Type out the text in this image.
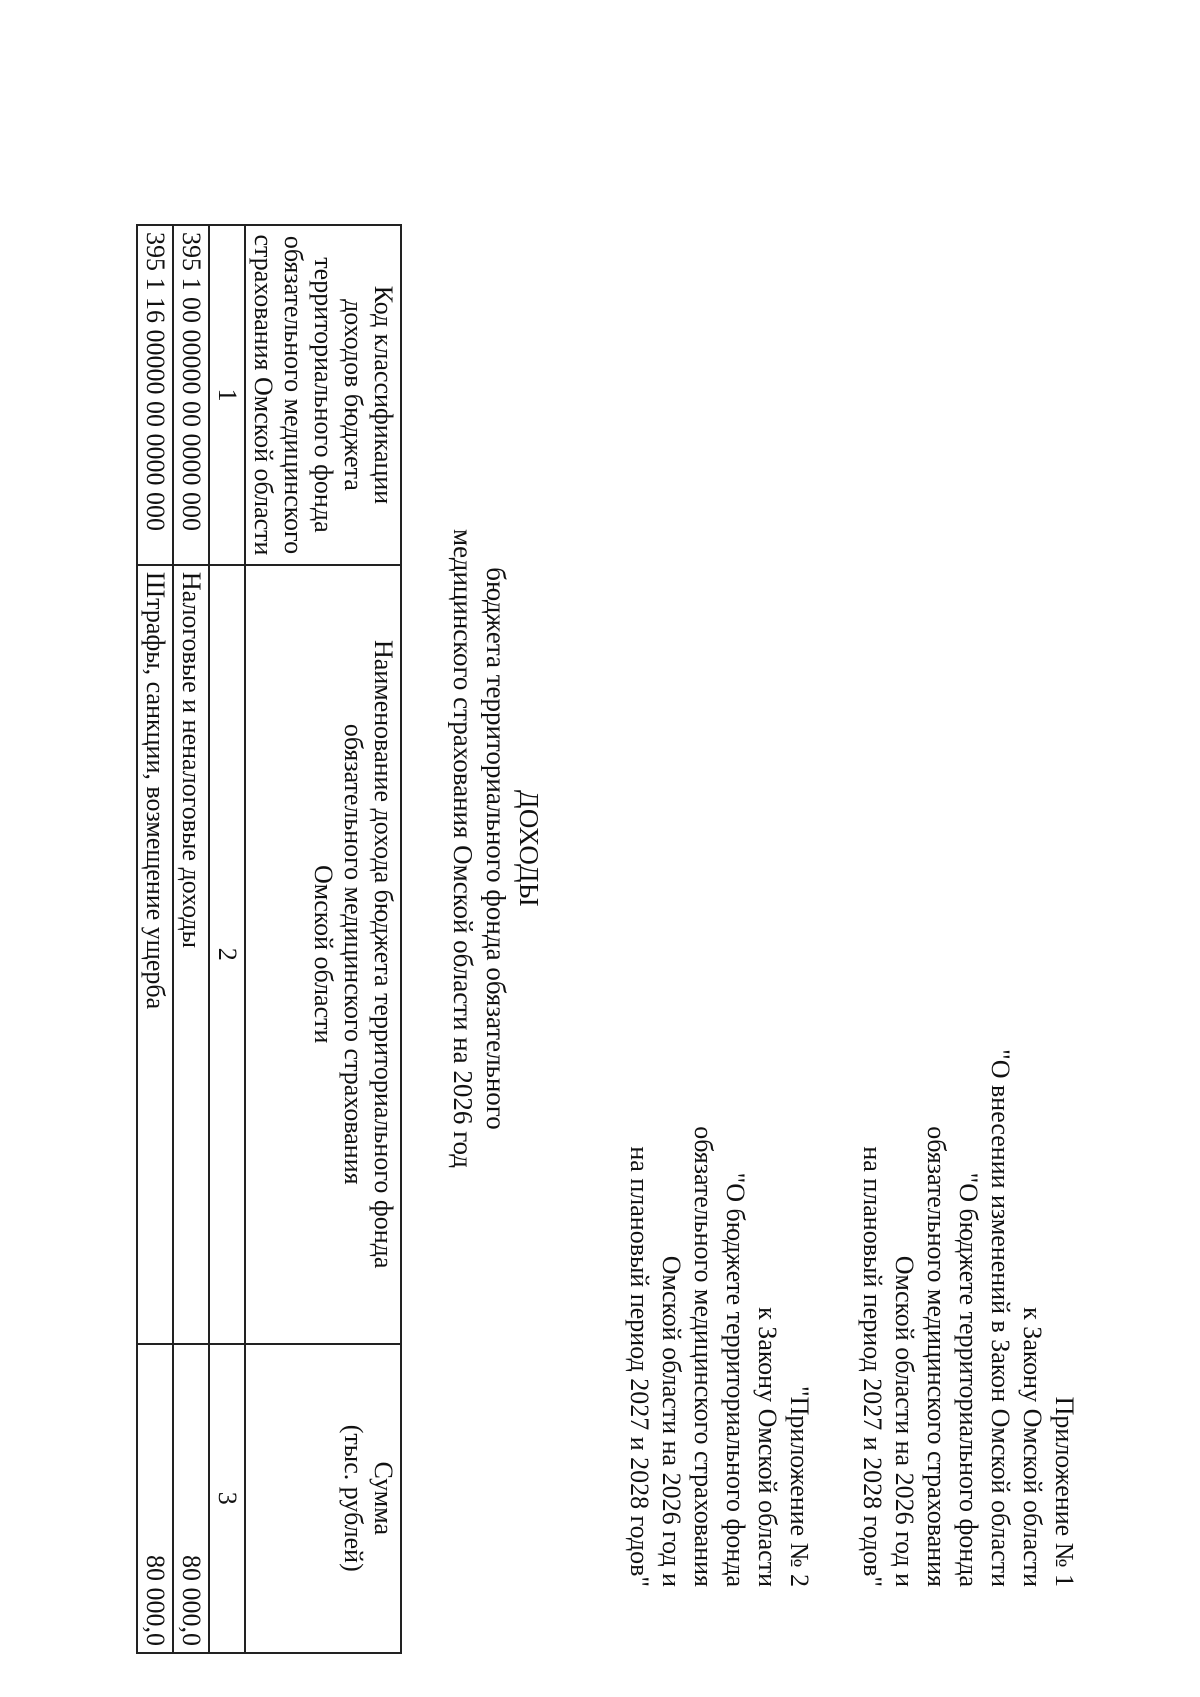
Приложение № 1
к Закону Омской области
"О внесении изменений в Закон Омской области
"О бюджете территориального фонда
обязательного медицинского страхования
Омской области на 2026 год и
на плановый период 2027 и 2028 годов"
"Приложение № 2
к Закону Омской области
"О бюджете территориального фонда
обязательного медицинского страхования
Омской области на 2026 год и
на плановый период 2027 и 2028 годов"
ДОХОДЫ
бюджета территориального фонда обязательного
медицинского страхования Омской области на 2026 год
Код классификации
доходов бюджета
территориального фонда
обязательного медицинского
страхования Омской области	Наименование дохода бюджета территориального фонда
обязательного медицинского страхования
Омской области	Сумма
(тыс. рублей)

1	2	3
395 1 00 00000 00 0000 000	Налоговые и неналоговые доходы	80 000,0
395 1 16 00000 00 0000 000	Штрафы, санкции, возмещение ущерба	80 000,0
